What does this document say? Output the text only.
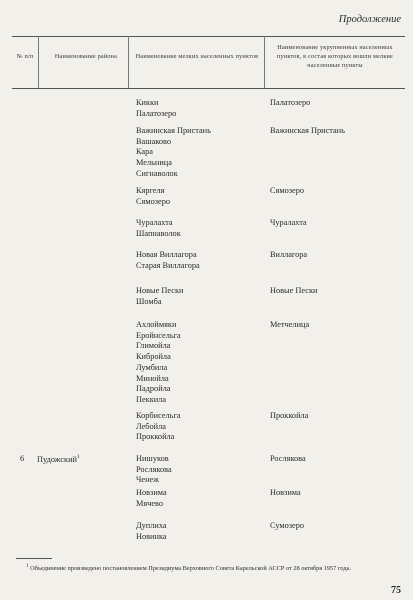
Продолжение
№ п/п	Наименование района	Наименование мелких населенных пунктов
Наименование укрупненных населенных пунктов, в состав которых вошли мелкие населенные пункты
Кикки
Палатозеро
Палатозеро
Важинская Пристань
Вашаково
Кара
Мельница
Сигнаволок
Важинская Пристань
Кяргеля
Сямозеро
Сямозеро
Чуралахта
Шапнаволок
Чуралахта
Новая Виллагора
Старая Виллагора
Виллагора
Новые Пески
Шомба
Новые Пески
Ахлоймяки
Еройнсельга
Глимойла
Кибройла
Лумбила
Минойла
Падройла
Пеккила
Метчелица
Корбисельга
Лебойла
Проккойла
Проккойла
Нишуков
Рослякова
Ченеж
Рослякова
Новзима
Мячево
Новзима
Дуплиха
Новинка
Сумозеро
6 Пудожский$^1$
$^1$ Объединение произведено постановлением Президиума Верховного Совета Карельской АССР от 28 октября 1957 года.
75
